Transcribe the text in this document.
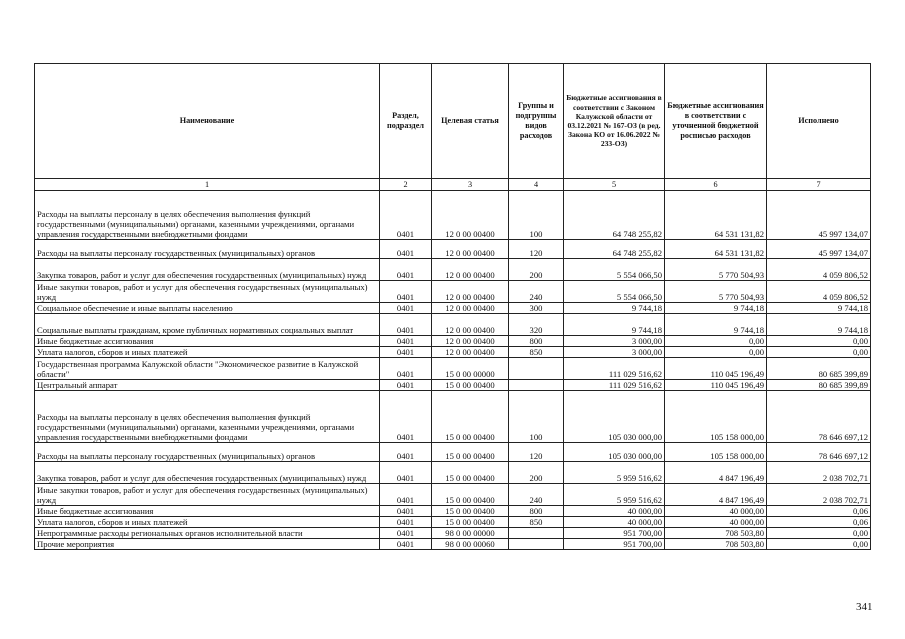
Наименование	Раздел, подраздел	Целевая статья	Группы и подгруппы видов расходов	Бюджетные ассигнования в соответствии с Законом Калужской области от 03.12.2021 № 167-ОЗ (в ред. Закона КО от 16.06.2022 № 233-ОЗ)	Бюджетные ассигнования в соответствии с уточненной бюджетной росписью расходов	Исполнено
1	2	3	4	5	6	7
Расходы на выплаты персоналу в целях обеспечения выполнения функций государственными (муниципальными) органами, казенными учреждениями, органами управления государственными внебюджетными фондами	0401	12 0 00 00400	100	64 748 255,82	64 531 131,82	45 997 134,07
Расходы на выплаты персоналу государственных (муниципальных) органов	0401	12 0 00 00400	120	64 748 255,82	64 531 131,82	45 997 134,07
Закупка товаров, работ и услуг для обеспечения государственных (муниципальных) нужд	0401	12 0 00 00400	200	5 554 066,50	5 770 504,93	4 059 806,52
Иные закупки товаров, работ и услуг для обеспечения государственных (муниципальных) нужд	0401	12 0 00 00400	240	5 554 066,50	5 770 504,93	4 059 806,52
Социальное обеспечение и иные выплаты населению	0401	12 0 00 00400	300	9 744,18	9 744,18	9 744,18
Социальные выплаты гражданам, кроме публичных нормативных социальных выплат	0401	12 0 00 00400	320	9 744,18	9 744,18	9 744,18
Иные бюджетные ассигнования	0401	12 0 00 00400	800	3 000,00	0,00	0,00
Уплата налогов, сборов и иных платежей	0401	12 0 00 00400	850	3 000,00	0,00	0,00
Государственная программа Калужской области "Экономическое развитие в Калужской области"	0401	15 0 00 00000		111 029 516,62	110 045 196,49	80 685 399,89
Центральный аппарат	0401	15 0 00 00400		111 029 516,62	110 045 196,49	80 685 399,89
Расходы на выплаты персоналу в целях обеспечения выполнения функций государственными (муниципальными) органами, казенными учреждениями, органами управления государственными внебюджетными фондами	0401	15 0 00 00400	100	105 030 000,00	105 158 000,00	78 646 697,12
Расходы на выплаты персоналу государственных (муниципальных) органов	0401	15 0 00 00400	120	105 030 000,00	105 158 000,00	78 646 697,12
Закупка товаров, работ и услуг для обеспечения государственных (муниципальных) нужд	0401	15 0 00 00400	200	5 959 516,62	4 847 196,49	2 038 702,71
Иные закупки товаров, работ и услуг для обеспечения государственных (муниципальных) нужд	0401	15 0 00 00400	240	5 959 516,62	4 847 196,49	2 038 702,71
Иные бюджетные ассигнования	0401	15 0 00 00400	800	40 000,00	40 000,00	0,06
Уплата налогов, сборов и иных платежей	0401	15 0 00 00400	850	40 000,00	40 000,00	0,06
Непрограммные расходы региональных органов исполнительной власти	0401	98 0 00 00000		951 700,00	708 503,80	0,00
Прочие мероприятия	0401	98 0 00 00060		951 700,00	708 503,80	0,00
341
